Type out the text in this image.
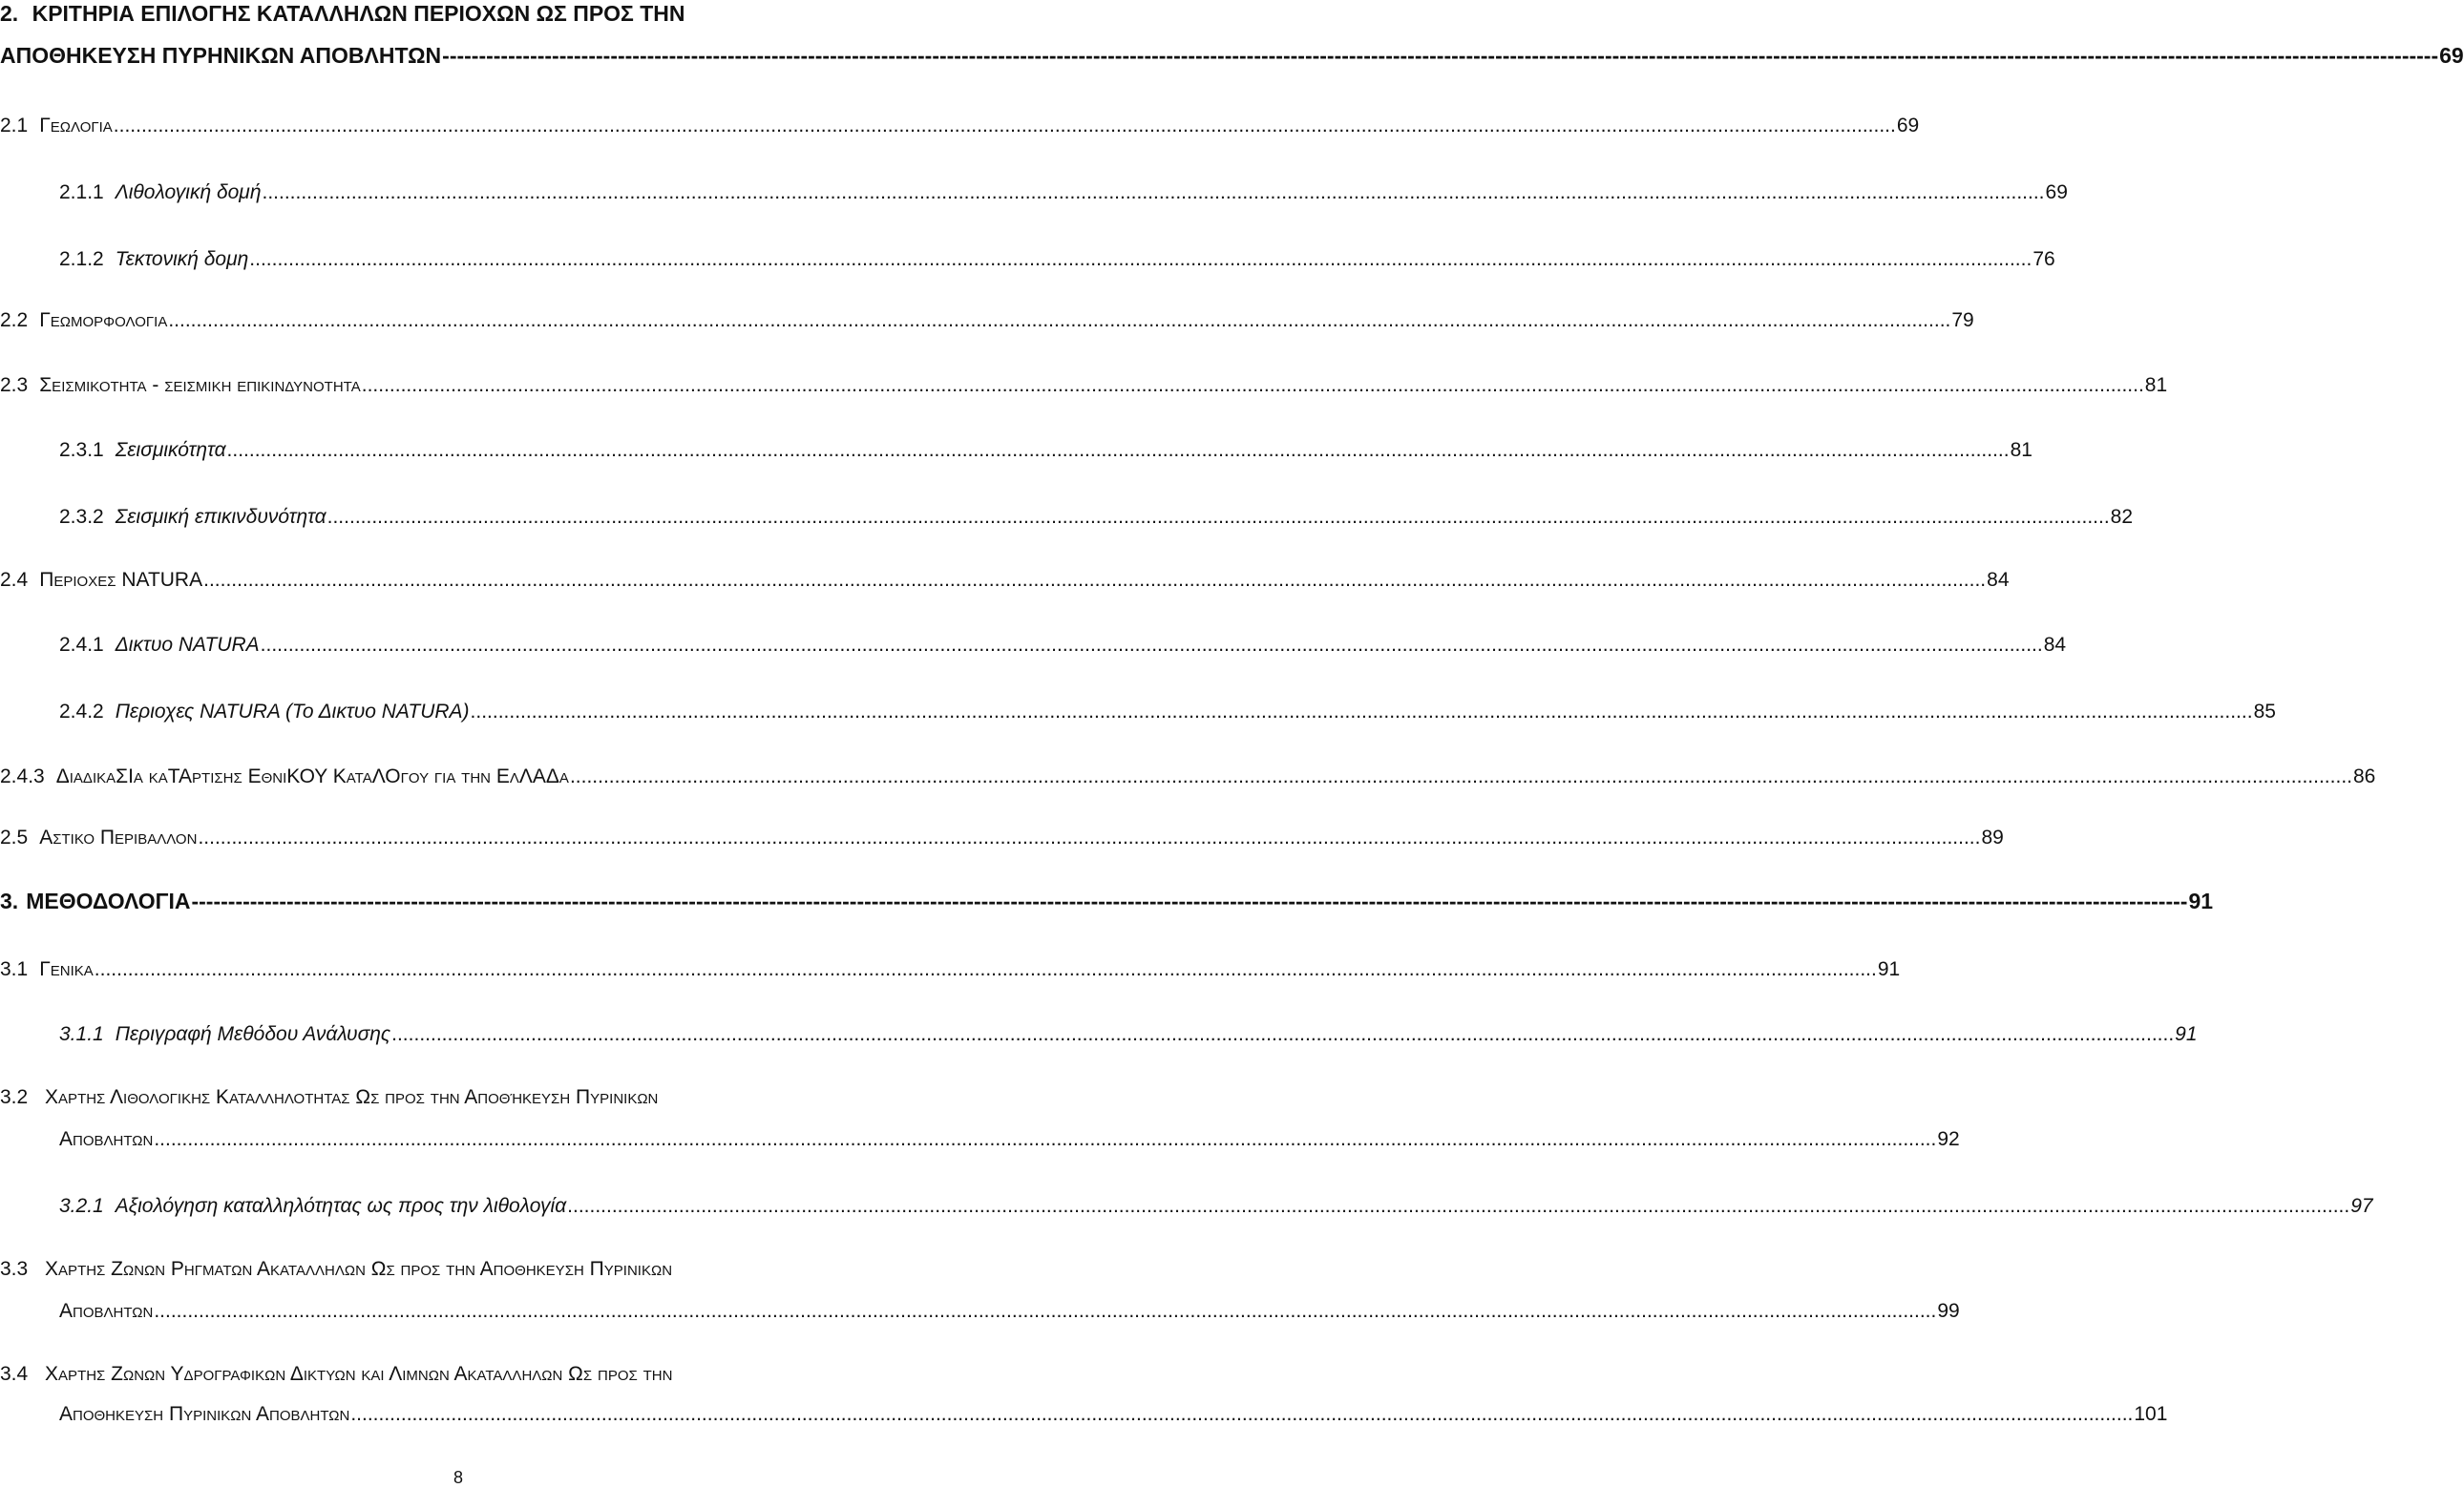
2. ΚΡΙΤΗΡΙΑ ΕΠΙΛΟΓΗΣ ΚΑΤΑΛΛΗΛΩΝ ΠΕΡΙΟΧΩΝ ΩΣ ΠΡΟΣ ΤΗΝ
ΑΠΟΘΗΚΕΥΣΗ ΠΥΡΗΝΙΚΩΝ ΑΠΟΒΛΗΤΩΝ -----	69
2.1 Γεωλογια .....	69
2.1.1 Λιθολογική δομή .....	69
2.1.2 Τεκτονική δομη .....	76
2.2 Γεωμορφολογια .....	79
2.3 Σεισμικοτητα - σεισμικη επικινδυνοτητα .....	81
2.3.1 Σεισμικότητα .....	81
2.3.2 Σεισμική επικινδυνότητα .....	82
2.4 Περιοχεσ NATURA .....	84
2.4.1 Δικτυο NATURA .....	84
2.4.2 Περιοχες NATURA (Το Δικτυο NATURA) .....	85
2.4.3 ΔιαδικαΣΙα καΤΑρτισησ ΕθνιΚΟΥ ΚαταΛΟγου για την ΕλΛΑΔα .....	86
2.5 Αστικο Περιβαλλον .....	89
3. ΜΕΘΟΔΟΛΟΓΙΑ -----	91
3.1 Γενικα .....	91
3.1.1 Περιγραφή Μεθόδου Ανάλυσης .....	91
3.2 Χαρτησ Λιθολογικησ Καταλληλοτητασ Ωσ προσ την Αποθήκευση Πυρινικων
Αποβλητων .....	92
3.2.1 Αξιολόγηση καταλληλότητας ως προς την λιθολογία .....	97
3.3 Χαρτησ Ζωνων Ρηγματων Ακαταλληλων Ωσ προσ την Αποθηκευση Πυρινικων
Αποβλητων .....	99
3.4 Χαρτησ Ζωνων Υδρογραφικων Δικτυων και Λιμνων Ακαταλληλων Ωσ προσ την
Αποθηκευση Πυρινικων Αποβλητων .....	101
8
